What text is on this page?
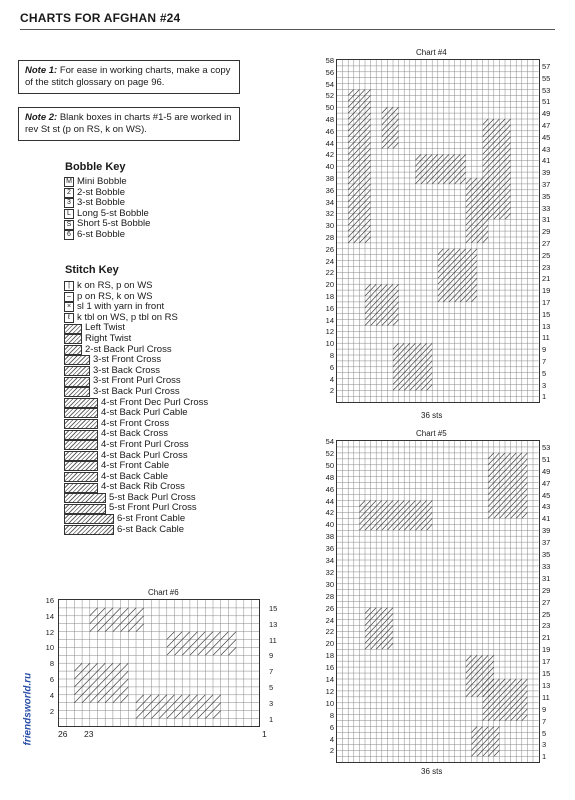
CHARTS FOR AFGHAN #24
Note 1: For ease in working charts, make a copy of the stitch glossary on page 96.
Note 2: Blank boxes in charts #1-5 are worked in rev St st (p on RS, k on WS).
Bobble Key
M Mini Bobble
2 2-st Bobble
3 3-st Bobble
L Long 5-st Bobble
S Short 5-st Bobble
6 6-st Bobble
Stitch Key
| k on RS, p on WS
– p on RS, k on WS
× sl 1 with yarn in front
ℓ k tbl on WS, p tbl on RS
Left Twist
Right Twist
2-st Back Purl Cross
3-st Front Cross
3-st Back Cross
3-st Front Purl Cross
3-st Back Purl Cross
4-st Front Dec Purl Cross
4-st Back Purl Cable
4-st Front Cross
4-st Back Cross
4-st Front Purl Cross
4-st Back Purl Cross
4-st Front Cable
4-st Back Cable
4-st Back Rib Cross
5-st Back Purl Cross
5-st Front Purl Cross
6-st Front Cable
6-st Back Cable
Chart #4
58
56
54
52
50
48
46
44
42
40
38
36
34
32
30
28
26
24
22
20
18
16
14
12
10
8
6
4
2
57
55
53
51
49
47
45
43
41
39
37
35
33
31
29
27
25
23
21
19
17
15
13
11
9
7
5
3
1
36 sts
Chart #5
54
52
50
48
46
44
42
40
38
36
34
32
30
28
26
24
22
20
18
16
14
12
10
8
6
4
2
53
51
49
47
45
43
41
39
37
35
33
31
29
27
25
23
21
19
17
15
13
11
9
7
5
3
1
36 sts
Chart #6
16
14
12
10
8
6
4
2
15
13
11
9
7
5
3
1
26 23	1
friendsworld.ru
